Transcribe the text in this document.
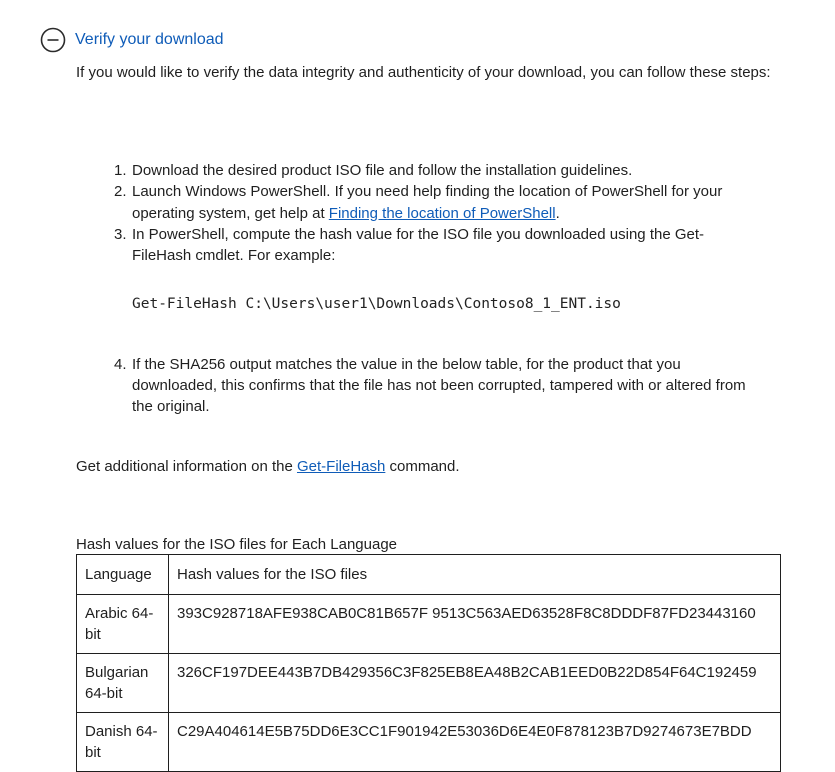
Verify your download

If you would like to verify the data integrity and authenticity of your download, you can follow these steps:

1. Download the desired product ISO file and follow the installation guidelines.
2. Launch Windows PowerShell. If you need help finding the location of PowerShell for your operating system, get help at Finding the location of PowerShell.
3. In PowerShell, compute the hash value for the ISO file you downloaded using the Get-FileHash cmdlet. For example:
Get-FileHash C:\Users\user1\Downloads\Contoso8_1_ENT.iso
4. If the SHA256 output matches the value in the below table, for the product that you downloaded, this confirms that the file has not been corrupted, tampered with or altered from the original.

Get additional information on the Get-FileHash command.

Hash values for the ISO files for Each Language
Language	Hash values for the ISO files
Arabic 64-bit	393C928718AFE938CAB0C81B657F 9513C563AED63528F8C8DDDF87FD23443160
Bulgarian 64-bit	326CF197DEE443B7DB429356C3F825EB8EA48B2CAB1EED0B22D854F64C192459
Danish 64-bit	C29A404614E5B75DD6E3CC1F901942E53036D6E4E0F878123B7D9274673E7BDD
